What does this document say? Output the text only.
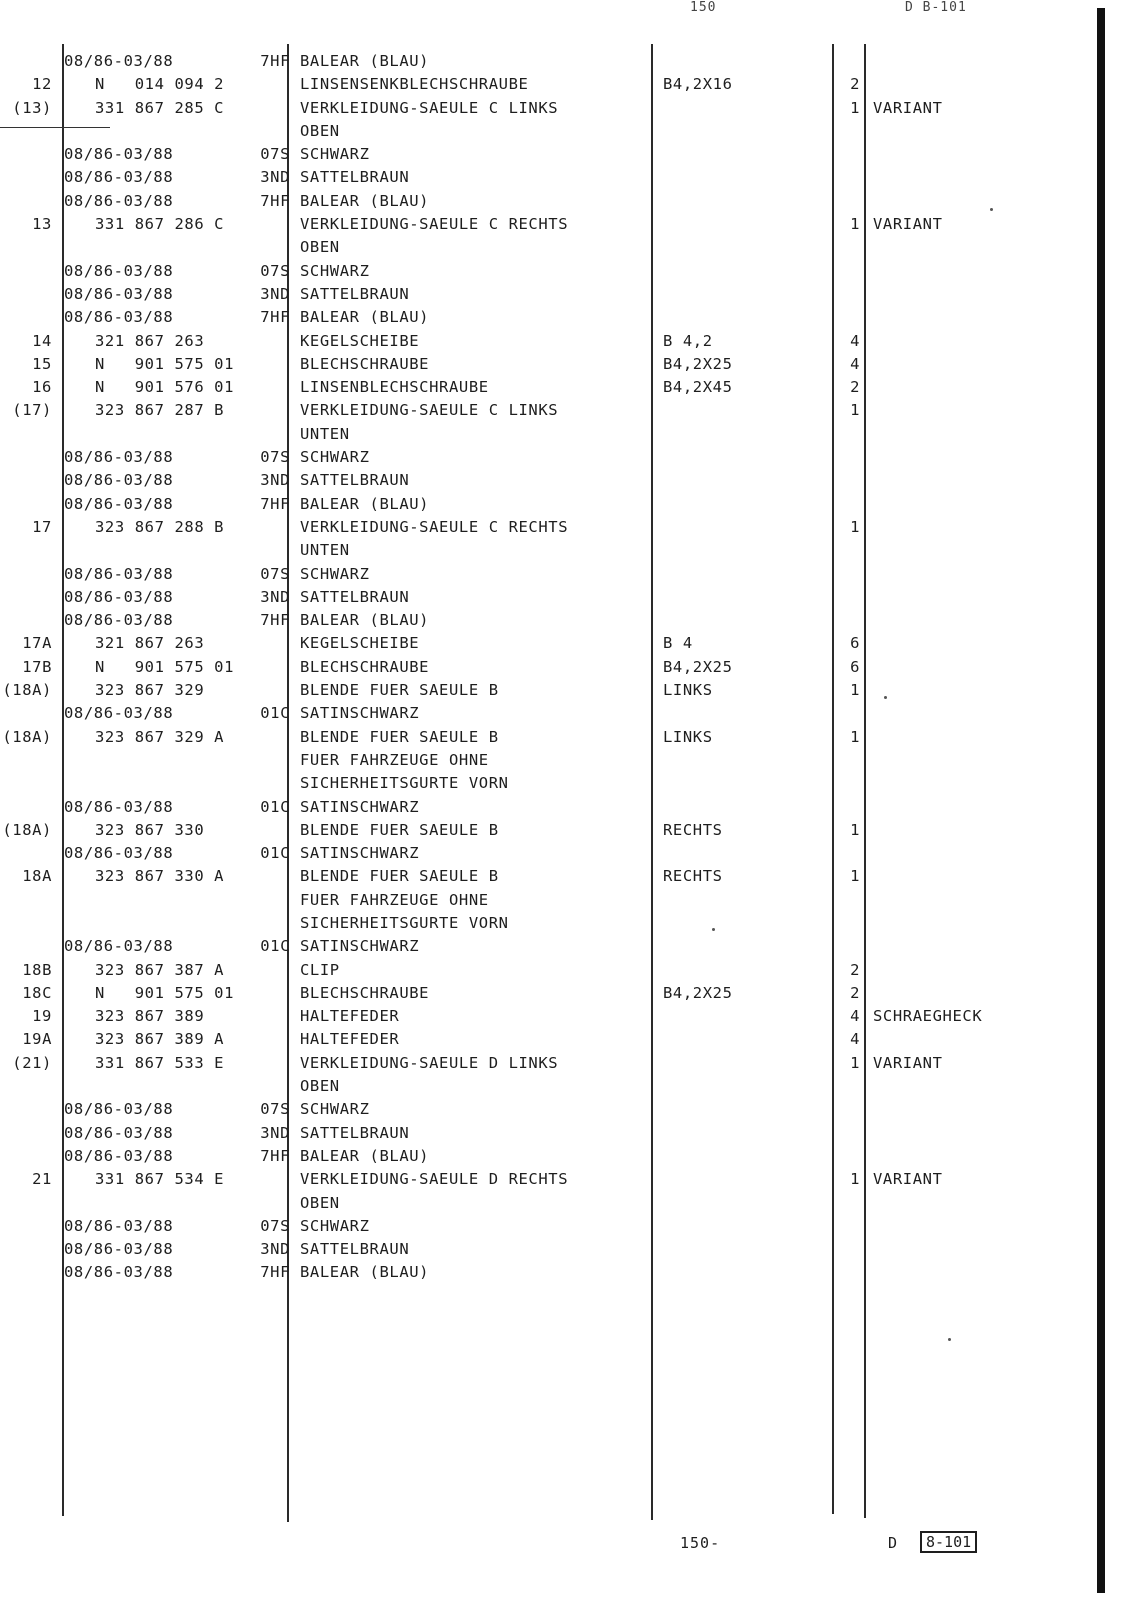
150	D B-101
08/86-03/88	7HF BALEAR (BLAU)
12	N   014 094 2	LINSENSENKBLECHSCHRAUBE	B4,2X16	2
(13)	331 867 285 C	VERKLEIDUNG-SAEULE C LINKS	1 VARIANT
OBEN
08/86-03/88	07S SCHWARZ
08/86-03/88	3ND SATTELBRAUN
08/86-03/88	7HF BALEAR (BLAU)
13	331 867 286 C	VERKLEIDUNG-SAEULE C RECHTS	1 VARIANT
OBEN
08/86-03/88	07S SCHWARZ
08/86-03/88	3ND SATTELBRAUN
08/86-03/88	7HF BALEAR (BLAU)
14	321 867 263	KEGELSCHEIBE	B 4,2	4
15	N   901 575 01	BLECHSCHRAUBE	B4,2X25	4
16	N   901 576 01	LINSENBLECHSCHRAUBE	B4,2X45	2
(17)	323 867 287 B	VERKLEIDUNG-SAEULE C LINKS	1
UNTEN
08/86-03/88	07S SCHWARZ
08/86-03/88	3ND SATTELBRAUN
08/86-03/88	7HF BALEAR (BLAU)
17	323 867 288 B	VERKLEIDUNG-SAEULE C RECHTS	1
UNTEN
08/86-03/88	07S SCHWARZ
08/86-03/88	3ND SATTELBRAUN
08/86-03/88	7HF BALEAR (BLAU)
17A	321 867 263	KEGELSCHEIBE	B 4	6
17B	N   901 575 01	BLECHSCHRAUBE	B4,2X25	6
(18A)	323 867 329	BLENDE FUER SAEULE B	LINKS	1
08/86-03/88	01C SATINSCHWARZ
(18A)	323 867 329 A	BLENDE FUER SAEULE B	LINKS	1
FUER FAHRZEUGE OHNE
SICHERHEITSGURTE VORN
08/86-03/88	01C SATINSCHWARZ
(18A)	323 867 330	BLENDE FUER SAEULE B	RECHTS	1
08/86-03/88	01C SATINSCHWARZ
18A	323 867 330 A	BLENDE FUER SAEULE B	RECHTS	1
FUER FAHRZEUGE OHNE
SICHERHEITSGURTE VORN
08/86-03/88	01C SATINSCHWARZ
18B	323 867 387 A	CLIP	2
18C	N   901 575 01	BLECHSCHRAUBE	B4,2X25	2
19	323 867 389	HALTEFEDER	4 SCHRAEGHECK
19A	323 867 389 A	HALTEFEDER	4
(21)	331 867 533 E	VERKLEIDUNG-SAEULE D LINKS	1 VARIANT
OBEN
08/86-03/88	07S SCHWARZ
08/86-03/88	3ND SATTELBRAUN
08/86-03/88	7HF BALEAR (BLAU)
21	331 867 534 E	VERKLEIDUNG-SAEULE D RECHTS	1 VARIANT
OBEN
08/86-03/88	07S SCHWARZ
08/86-03/88	3ND SATTELBRAUN
08/86-03/88	7HF BALEAR (BLAU)
150-	D	8-101
